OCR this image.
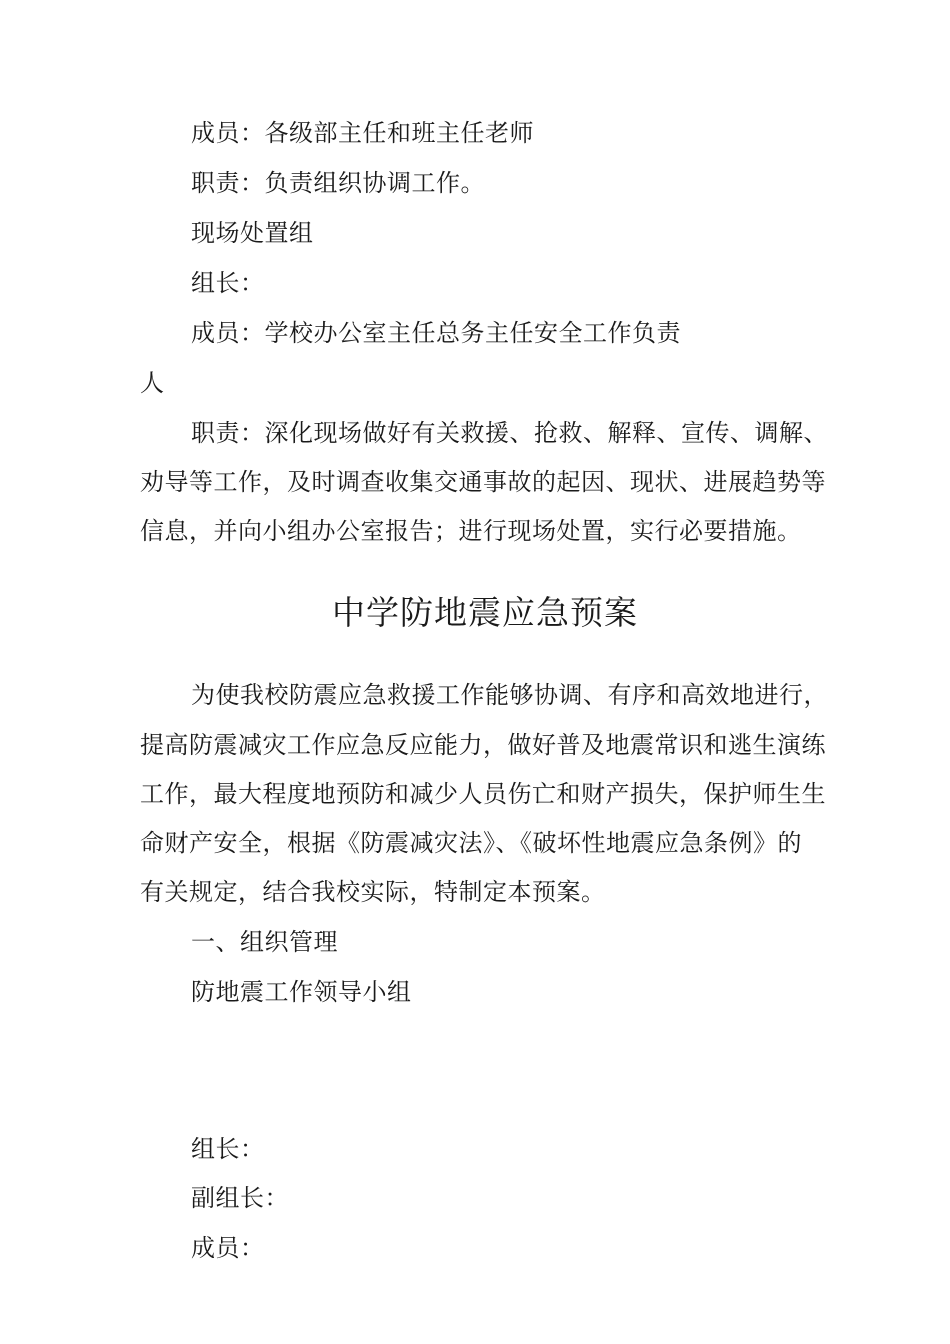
成员：各级部主任和班主任老师
职责：负责组织协调工作。
现场处置组
组长：
成员：学校办公室主任总务主任安全工作负责
人
职责：深化现场做好有关救援、抢救、解释、宣传、调解、
劝导等工作，及时调查收集交通事故的起因、现状、进展趋势等
信息，并向小组办公室报告；进行现场处置，实行必要措施。
中学防地震应急预案
为使我校防震应急救援工作能够协调、有序和高效地进行，
提高防震减灾工作应急反应能力，做好普及地震常识和逃生演练
工作，最大程度地预防和减少人员伤亡和财产损失，保护师生生
命财产安全，根据《防震减灾法》、《破坏性地震应急条例》的
有关规定，结合我校实际，特制定本预案。
一、组织管理
防地震工作领导小组
组长：
副组长：
成员：
